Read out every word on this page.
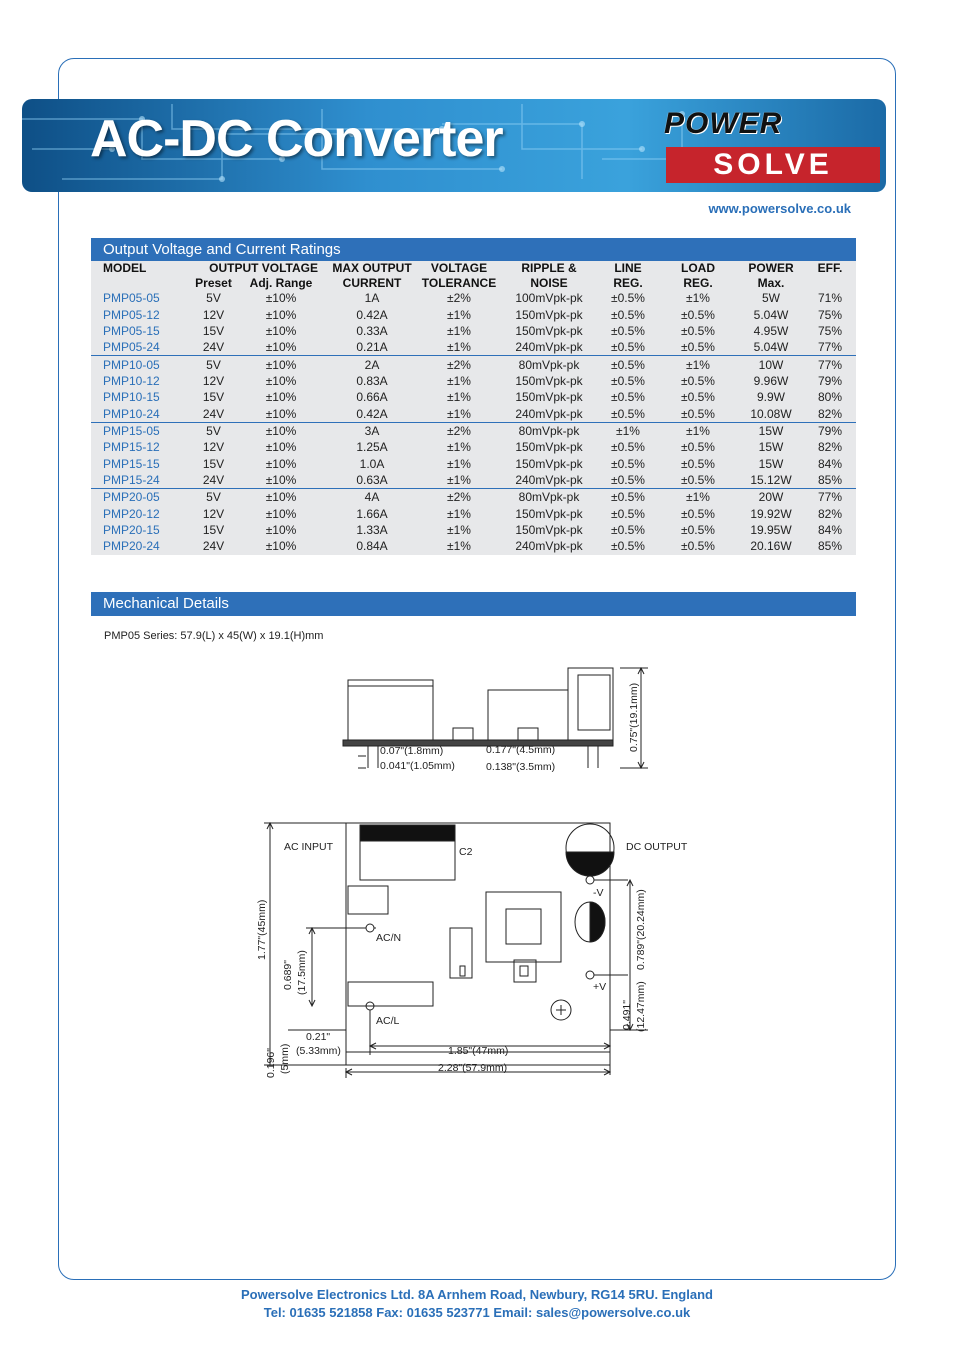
AC-DC Converter	POWER
SOLVE
www.powersolve.co.uk
Output Voltage and Current Ratings
MODEL	OUTPUT VOLTAGE		MAX OUTPUT	VOLTAGE	RIPPLE &	LINE	LOAD	POWER	EFF.
	Preset	Adj. Range	CURRENT	TOLERANCE	NOISE	REG.	REG.	Max.	
PMP05-05	5V	±10%	1A	±2%	100mVpk-pk	±0.5%	±1%	5W	71%
PMP05-12	12V	±10%	0.42A	±1%	150mVpk-pk	±0.5%	±0.5%	5.04W	75%
PMP05-15	15V	±10%	0.33A	±1%	150mVpk-pk	±0.5%	±0.5%	4.95W	75%
PMP05-24	24V	±10%	0.21A	±1%	240mVpk-pk	±0.5%	±0.5%	5.04W	77%
PMP10-05	5V	±10%	2A	±2%	80mVpk-pk	±0.5%	±1%	10W	77%
PMP10-12	12V	±10%	0.83A	±1%	150mVpk-pk	±0.5%	±0.5%	9.96W	79%
PMP10-15	15V	±10%	0.66A	±1%	150mVpk-pk	±0.5%	±0.5%	9.9W	80%
PMP10-24	24V	±10%	0.42A	±1%	240mVpk-pk	±0.5%	±0.5%	10.08W	82%
PMP15-05	5V	±10%	3A	±2%	80mVpk-pk	±1%	±1%	15W	79%
PMP15-12	12V	±10%	1.25A	±1%	150mVpk-pk	±0.5%	±0.5%	15W	82%
PMP15-15	15V	±10%	1.0A	±1%	150mVpk-pk	±0.5%	±0.5%	15W	84%
PMP15-24	24V	±10%	0.63A	±1%	240mVpk-pk	±0.5%	±0.5%	15.12W	85%
PMP20-05	5V	±10%	4A	±2%	80mVpk-pk	±0.5%	±1%	20W	77%
PMP20-12	12V	±10%	1.66A	±1%	150mVpk-pk	±0.5%	±0.5%	19.92W	82%
PMP20-15	15V	±10%	1.33A	±1%	150mVpk-pk	±0.5%	±0.5%	19.95W	84%
PMP20-24	24V	±10%	0.84A	±1%	240mVpk-pk	±0.5%	±0.5%	20.16W	85%
Mechanical Details
PMP05 Series: 57.9(L) x 45(W) x 19.1(H)mm
0.07"(1.8mm)
0.041"(1.05mm)
0.177"(4.5mm)
0.138"(3.5mm)
0.75"(19.1mm)
AC INPUT	C2	DC OUTPUT
-V
+V
AC/N
AC/L
1.77"(45mm)
0.689" (17.5mm)
0.789"(20.24mm)
0.491" (12.47mm)
0.196" (5mm)
0.21"
(5.33mm)	1.85"(47mm)
2.28"(57.9mm)
Powersolve Electronics Ltd. 8A Arnhem Road, Newbury, RG14 5RU. England
Tel: 01635 521858 Fax: 01635 523771 Email: sales@powersolve.co.uk
